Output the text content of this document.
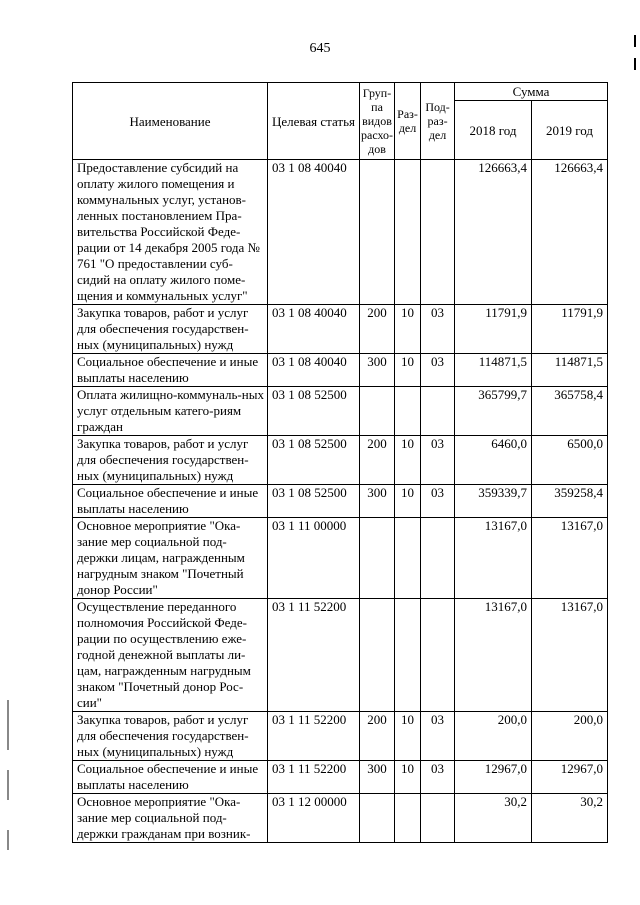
645
Наименование	Целевая статья	Груп-па видов расхо-дов	Раз-дел	Под-раз-дел	Сумма	
					2018 год	2019 год
Предоставление субсидий на оплату жилого помещения и коммунальных услуг, установ-ленных постановлением Пра-вительства Российской Феде-рации от 14 декабря 2005 года № 761 "О предоставлении суб-сидий на оплату жилого поме-щения и коммунальных услуг"	03 1 08 40040				126663,4	126663,4
Закупка товаров, работ и услуг для обеспечения государствен-ных (муниципальных) нужд	03 1 08 40040	200	10	03	11791,9	11791,9
Социальное обеспечение и иные выплаты населению	03 1 08 40040	300	10	03	114871,5	114871,5
Оплата жилищно-коммуналь-ных услуг отдельным катего-риям граждан	03 1 08 52500				365799,7	365758,4
Закупка товаров, работ и услуг для обеспечения государствен-ных (муниципальных) нужд	03 1 08 52500	200	10	03	6460,0	6500,0
Социальное обеспечение и иные выплаты населению	03 1 08 52500	300	10	03	359339,7	359258,4
Основное мероприятие "Ока-зание мер социальной под-держки лицам, награжденным нагрудным знаком "Почетный донор России"	03 1 11 00000				13167,0	13167,0
Осуществление переданного полномочия Российской Феде-рации по осуществлению еже-годной денежной выплаты ли-цам, награжденным нагрудным знаком "Почетный донор Рос-сии"	03 1 11 52200				13167,0	13167,0
Закупка товаров, работ и услуг для обеспечения государствен-ных (муниципальных) нужд	03 1 11 52200	200	10	03	200,0	200,0
Социальное обеспечение и иные выплаты населению	03 1 11 52200	300	10	03	12967,0	12967,0
Основное мероприятие "Ока-зание мер социальной под-держки гражданам при возник-	03 1 12 00000				30,2	30,2
